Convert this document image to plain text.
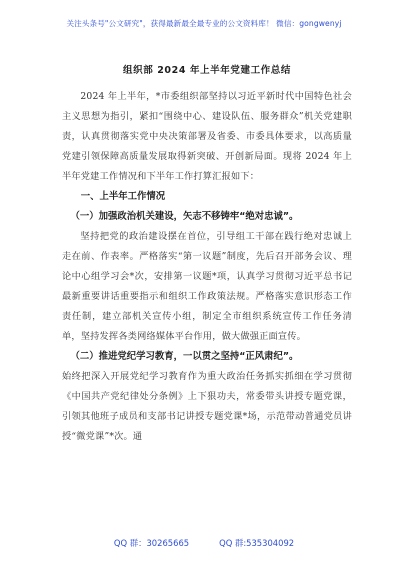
关注头条号"公文研究"，获得最新最全最专业的公文资料库！ 微信：gongwenyj

组织部 2024 年上半年党建工作总结

2024 年上半年，*市委组织部坚持以习近平新时代中国特色社会主义思想为指引，紧扣“围绕中心、建设队伍、服务群众”机关党建职责，认真贯彻落实党中央决策部署及省委、市委具体要求，以高质量党建引领保障高质量发展取得新突破、开创新局面。现将 2024 年上半年党建工作情况和下半年工作打算汇报如下：

一、上半年工作情况

（一）加强政治机关建设，矢志不移铸牢“绝对忠诚”。

坚持把党的政治建设摆在首位，引导组工干部在践行绝对忠诚上走在前、作表率。严格落实“第一议题”制度，先后召开部务会议、理论中心组学习会*次，安排第一议题*项，认真学习贯彻习近平总书记最新重要讲话重要指示和组织工作政策法规。严格落实意识形态工作责任制，建立部机关宣传小组，制定全市组织系统宣传工作任务清单，坚持发挥各类网络媒体平台作用，做大做强正面宣传。

（二）推进党纪学习教育，一以贯之坚持“正风肃纪”。

始终把深入开展党纪学习教育作为重大政治任务抓实抓细在学习贯彻《中国共产党纪律处分条例》上下狠功夫，常委带头讲授专题党课，引领其他班子成员和支部书记讲授专题党课*场，示范带动普通党员讲授“微党课”*次。通

QQ 群：30265665	QQ 群:535304092
